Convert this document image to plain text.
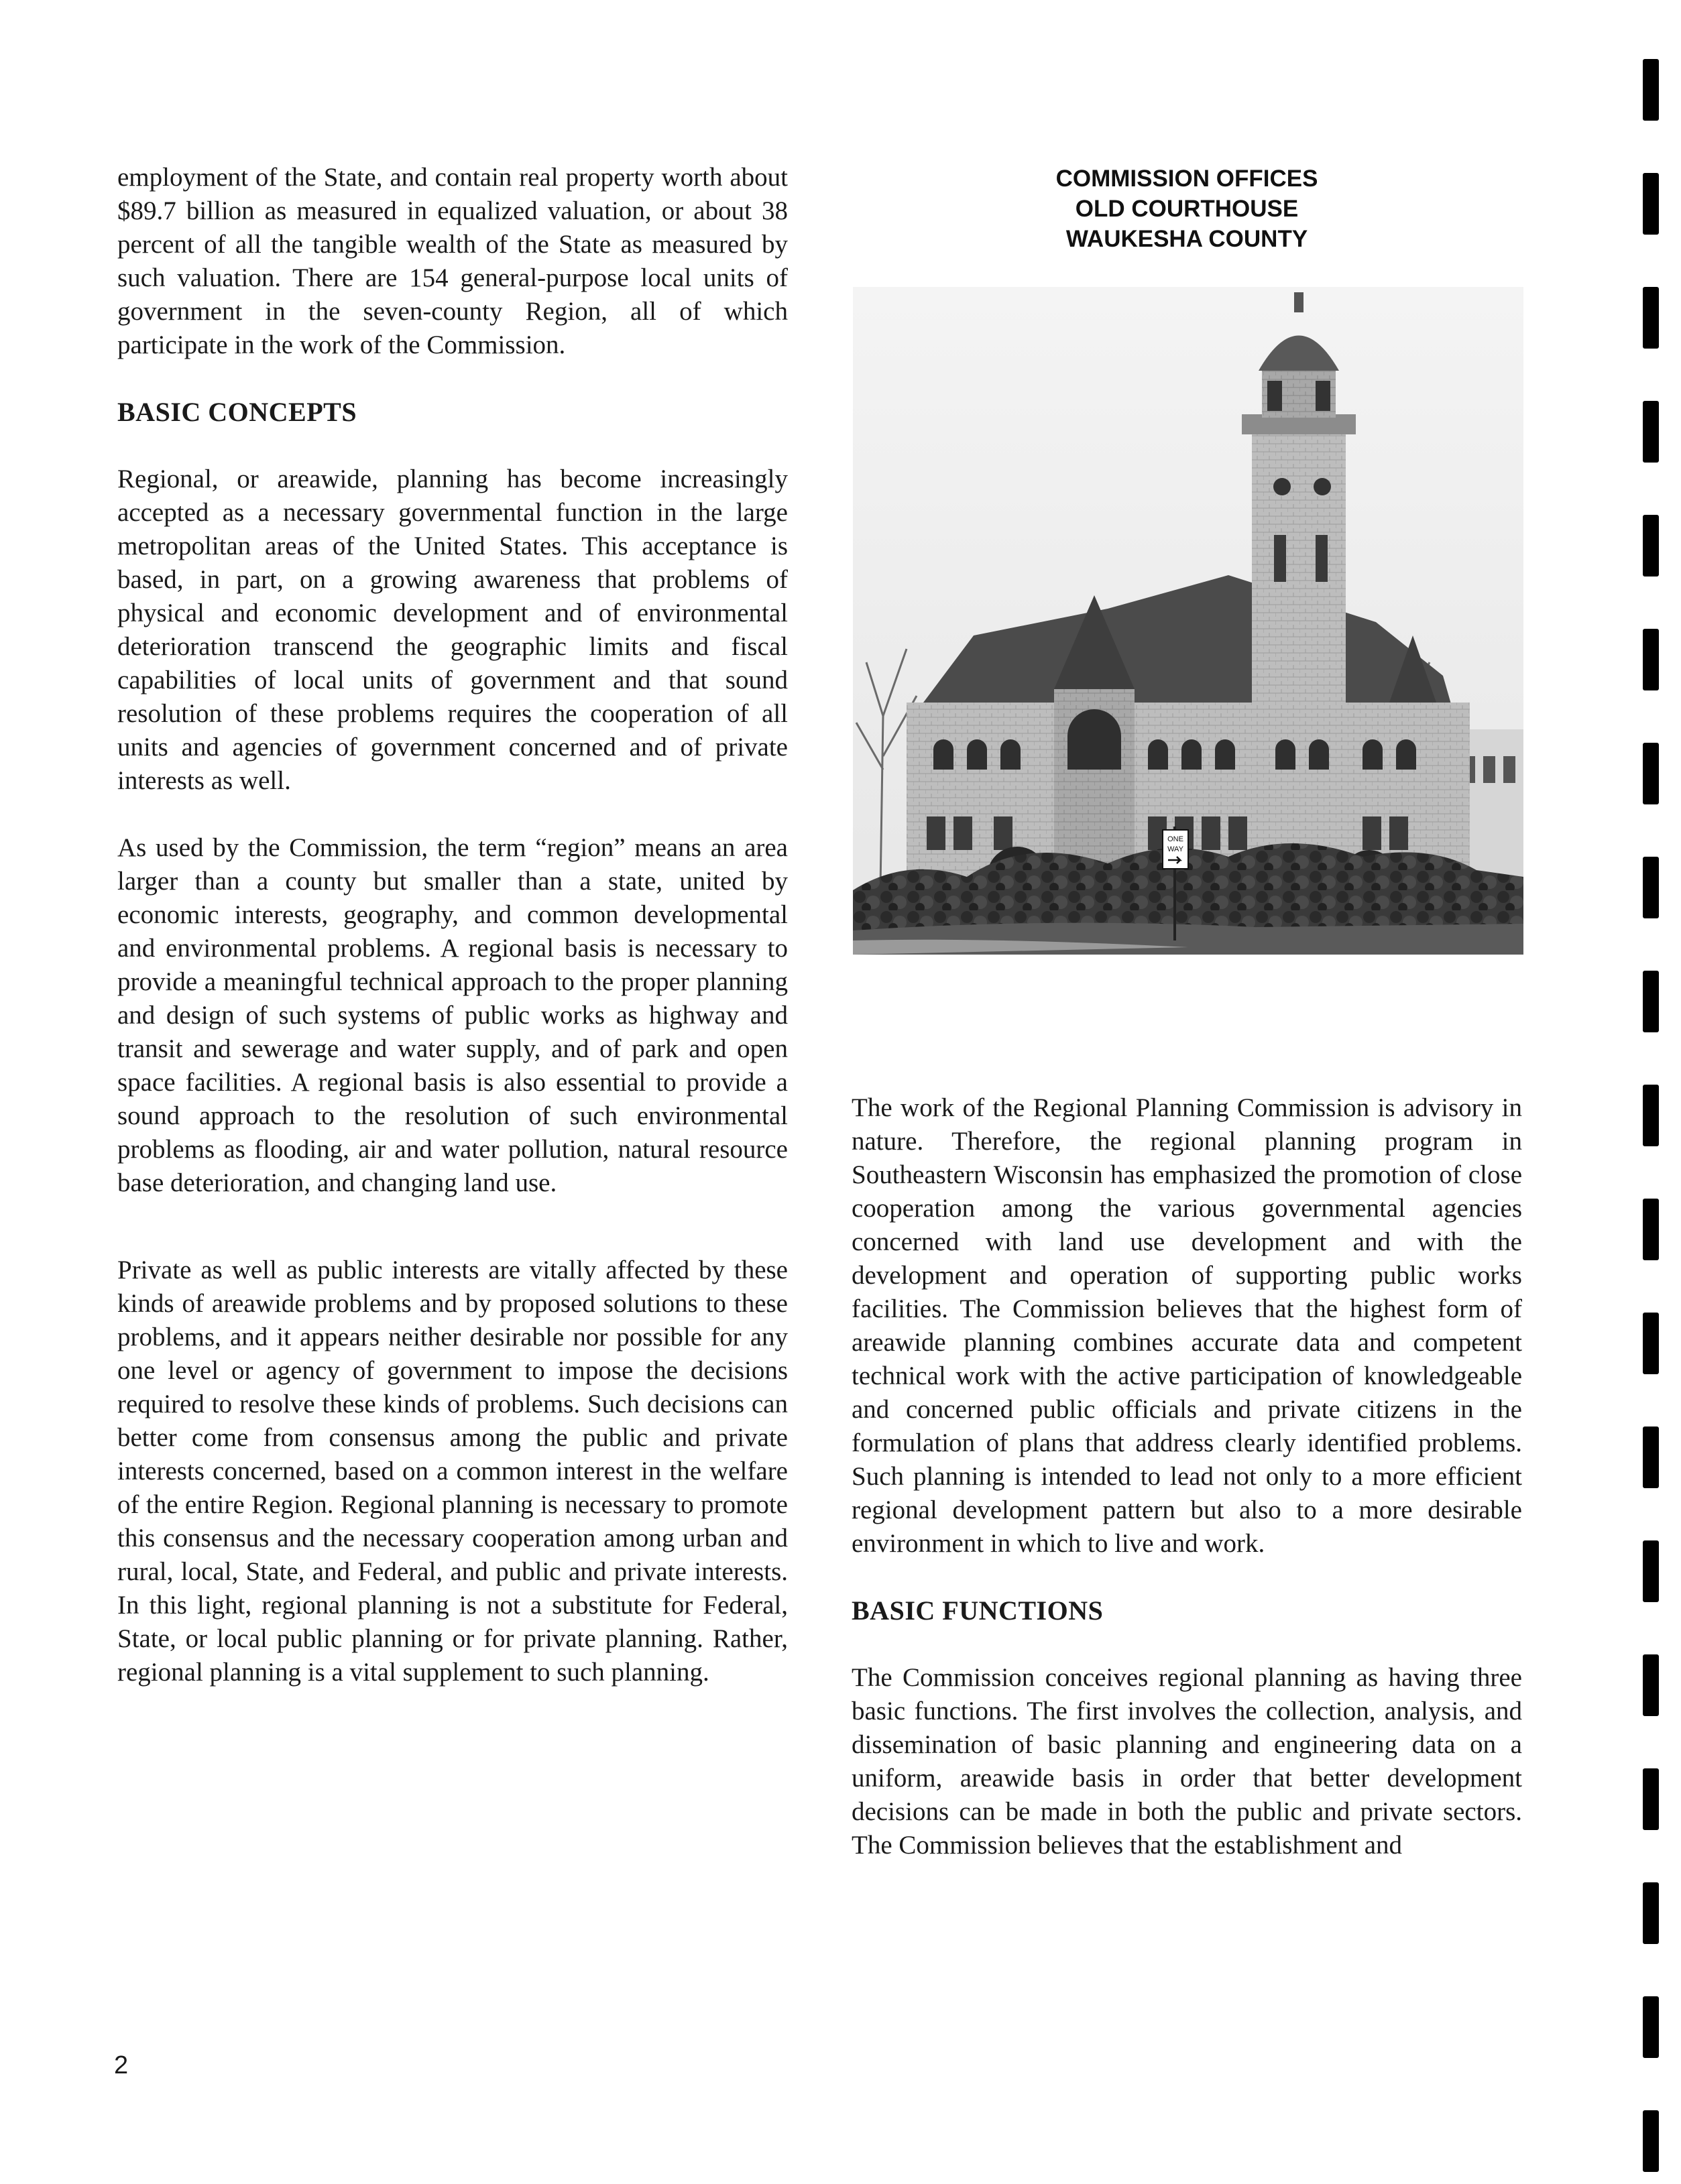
employment of the State, and contain real property worth about $89.7 billion as measured in equalized valuation, or about 38 percent of all the tangible wealth of the State as measured by such valuation. There are 154 general-purpose local units of government in the seven-county Region, all of which participate in the work of the Commission.

BASIC CONCEPTS

Regional, or areawide, planning has become increasingly accepted as a necessary governmental function in the large metropolitan areas of the United States. This acceptance is based, in part, on a growing awareness that problems of physical and economic development and of environmental deterioration transcend the geographic limits and fiscal capabilities of local units of government and that sound resolution of these problems requires the cooperation of all units and agencies of government concerned and of private interests as well.

As used by the Commission, the term “region” means an area larger than a county but smaller than a state, united by economic interests, geography, and common developmental and environmental problems. A regional basis is necessary to provide a meaningful technical approach to the proper planning and design of such systems of public works as highway and transit and sewerage and water supply, and of park and open space facilities. A regional basis is also essential to provide a sound approach to the resolution of such environmental problems as flooding, air and water pollution, natural resource base deterioration, and changing land use.

Private as well as public interests are vitally affected by these kinds of areawide problems and by proposed solutions to these problems, and it appears neither desirable nor possible for any one level or agency of government to impose the decisions required to resolve these kinds of problems. Such decisions can better come from consensus among the public and private interests concerned, based on a common interest in the welfare of the entire Region. Regional planning is necessary to promote this consensus and the necessary cooperation among urban and rural, local, State, and Federal, and public and private interests. In this light, regional planning is not a substitute for Federal, State, or local public planning or for private planning. Rather, regional planning is a vital supplement to such planning.

COMMISSION OFFICES
OLD COURTHOUSE
WAUKESHA COUNTY
ONE
WAY

The work of the Regional Planning Commission is advisory in nature. Therefore, the regional planning program in Southeastern Wisconsin has emphasized the promotion of close cooperation among the various governmental agencies concerned with land use development and with the development and operation of supporting public works facilities. The Commission believes that the highest form of areawide planning combines accurate data and competent technical work with the active participation of knowledgeable and concerned public officials and private citizens in the formulation of plans that address clearly identified problems. Such planning is intended to lead not only to a more efficient regional development pattern but also to a more desirable environment in which to live and work.

BASIC FUNCTIONS

The Commission conceives regional planning as having three basic functions. The first involves the collection, analysis, and dissemination of basic planning and engineering data on a uniform, areawide basis in order that better development decisions can be made in both the public and private sectors. The Commission believes that the establishment and

2
